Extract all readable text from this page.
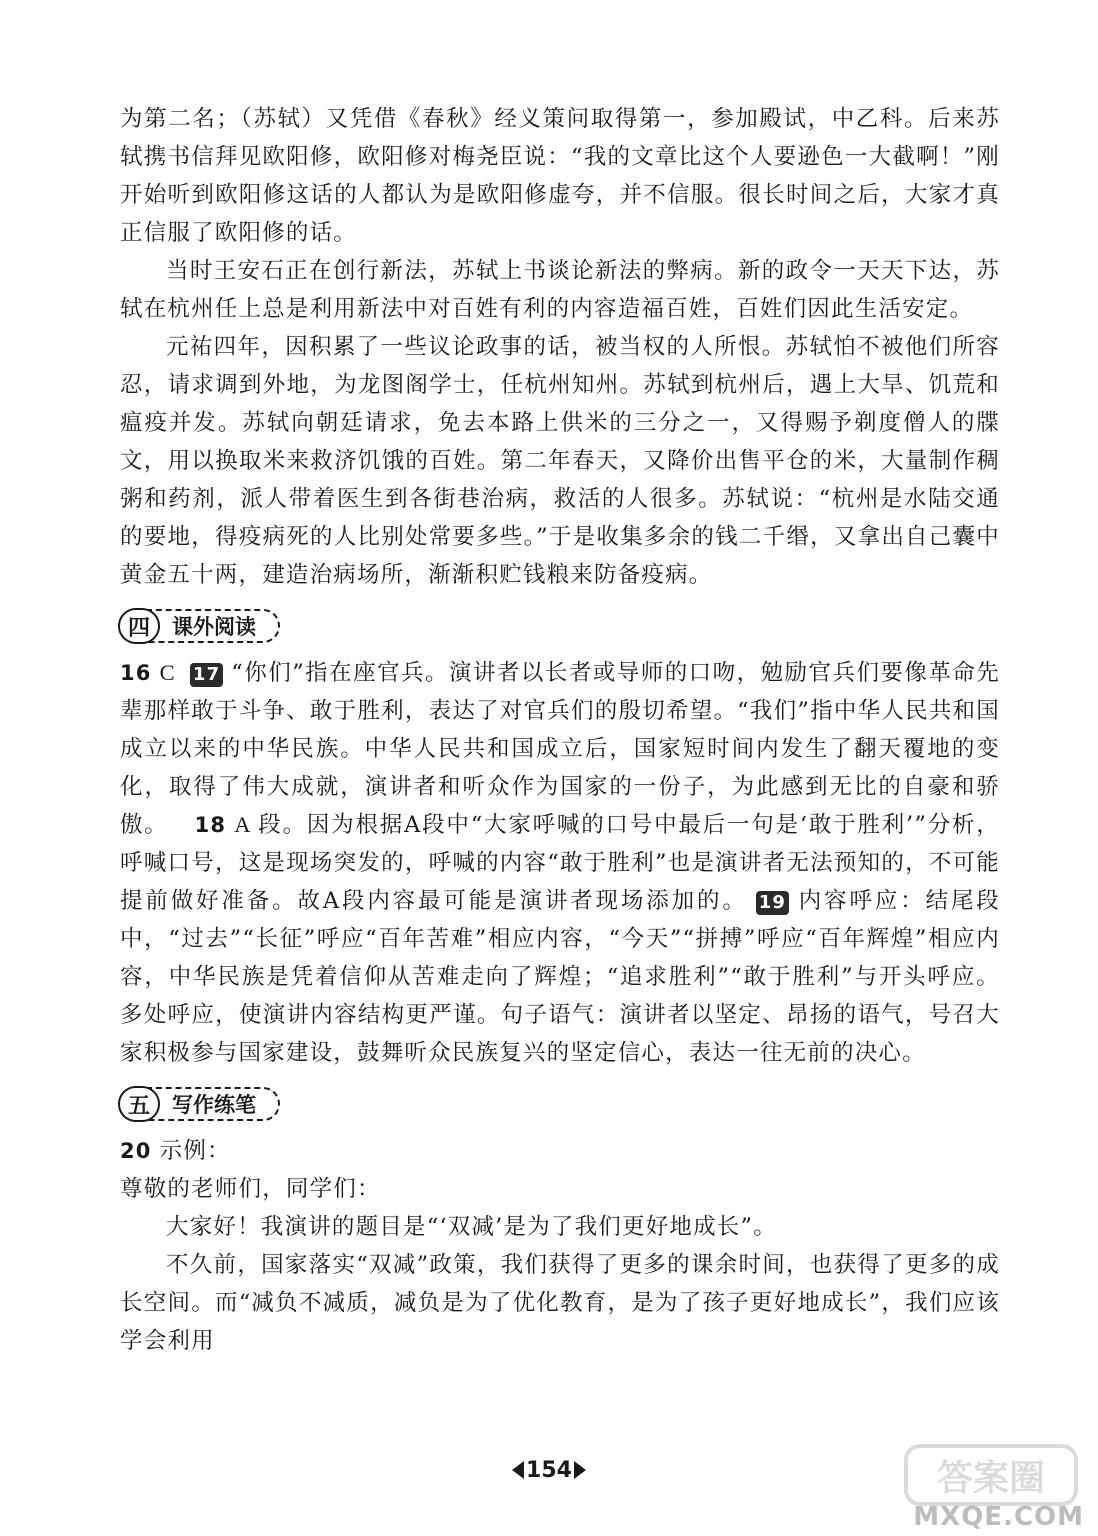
为第二名；（苏轼）又凭借《春秋》经义策问取得第一，参加殿试，中乙科。后来苏轼携书信拜见欧阳修，欧阳修对梅尧臣说：“我的文章比这个人要逊色一大截啊！”刚开始听到欧阳修这话的人都认为是欧阳修虚夸，并不信服。很长时间之后，大家才真正信服了欧阳修的话。

当时王安石正在创行新法，苏轼上书谈论新法的弊病。新的政令一天天下达，苏轼在杭州任上总是利用新法中对百姓有利的内容造福百姓，百姓们因此生活安定。

元祐四年，因积累了一些议论政事的话，被当权的人所恨。苏轼怕不被他们所容忍，请求调到外地，为龙图阁学士，任杭州知州。苏轼到杭州后，遇上大旱、饥荒和瘟疫并发。苏轼向朝廷请求，免去本路上供米的三分之一，又得赐予剃度僧人的牒文，用以换取米来救济饥饿的百姓。第二年春天，又降价出售平仓的米，大量制作稠粥和药剂，派人带着医生到各街巷治病，救活的人很多。苏轼说：“杭州是水陆交通的要地，得疫病死的人比别处常要多些。”于是收集多余的钱二千缗，又拿出自己囊中黄金五十两，建造治病场所，渐渐积贮钱粮来防备疫病。

四	课外阅读

16 C 17 “你们”指在座官兵。演讲者以长者或导师的口吻，勉励官兵们要像革命先辈那样敢于斗争、敢于胜利，表达了对官兵们的殷切希望。“我们”指中华人民共和国成立以来的中华民族。中华人民共和国成立后，国家短时间内发生了翻天覆地的变化，取得了伟大成就，演讲者和听众作为国家的一份子，为此感到无比的自豪和骄傲。 18 A 段。因为根据A段中“大家呼喊的口号中最后一句是‘敢于胜利’”分析，呼喊口号，这是现场突发的，呼喊的内容“敢于胜利”也是演讲者无法预知的，不可能提前做好准备。故A段内容最可能是演讲者现场添加的。 19 内容呼应：结尾段中，“过去”“长征”呼应“百年苦难”相应内容，“今天”“拼搏”呼应“百年辉煌”相应内容，中华民族是凭着信仰从苦难走向了辉煌；“追求胜利”“敢于胜利”与开头呼应。多处呼应，使演讲内容结构更严谨。句子语气：演讲者以坚定、昂扬的语气，号召大家积极参与国家建设，鼓舞听众民族复兴的坚定信心，表达一往无前的决心。

五	写作练笔

20 示例：

尊敬的老师们，同学们：

大家好！我演讲的题目是“‘双减’是为了我们更好地成长”。

不久前，国家落实“双减”政策，我们获得了更多的课余时间，也获得了更多的成长空间。而“减负不减质，减负是为了优化教育，是为了孩子更好地成长”，我们应该学会利用

154	答案圈
MXQE.COM
